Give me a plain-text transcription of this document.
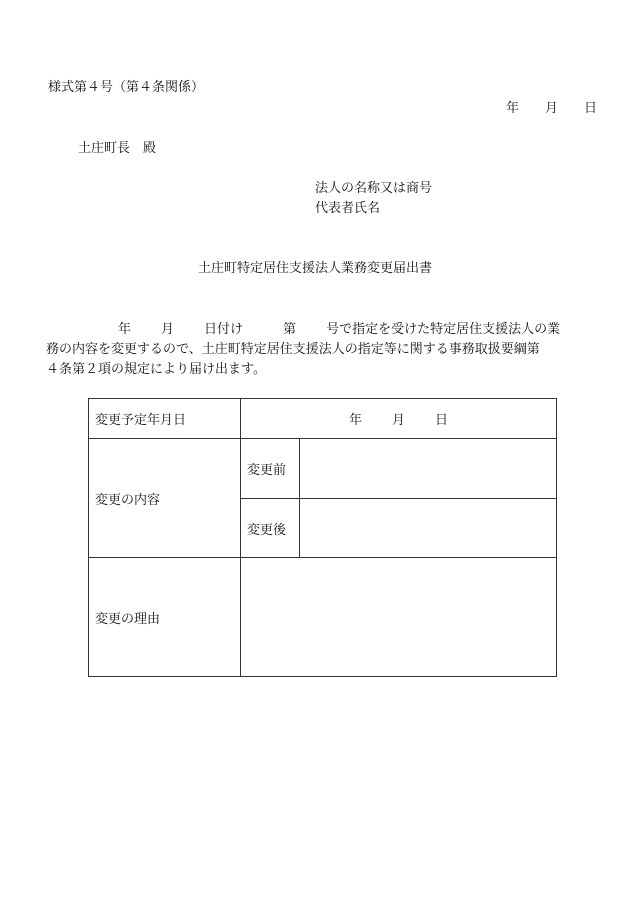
様式第４号（第４条関係）
年 月 日
土庄町長　殿
法人の名称又は商号
代表者氏名
土庄町特定居住支援法人業務変更届出書
年 月 日付け	第 号で指定を受けた特定居住支援法人の業
務の内容を変更するので、土庄町特定居住支援法人の指定等に関する事務取扱要綱第
４条第２項の規定により届け出ます。
変更予定年月日	年 月 日	
変更の内容	変更前	
	変更後	
変更の理由		
